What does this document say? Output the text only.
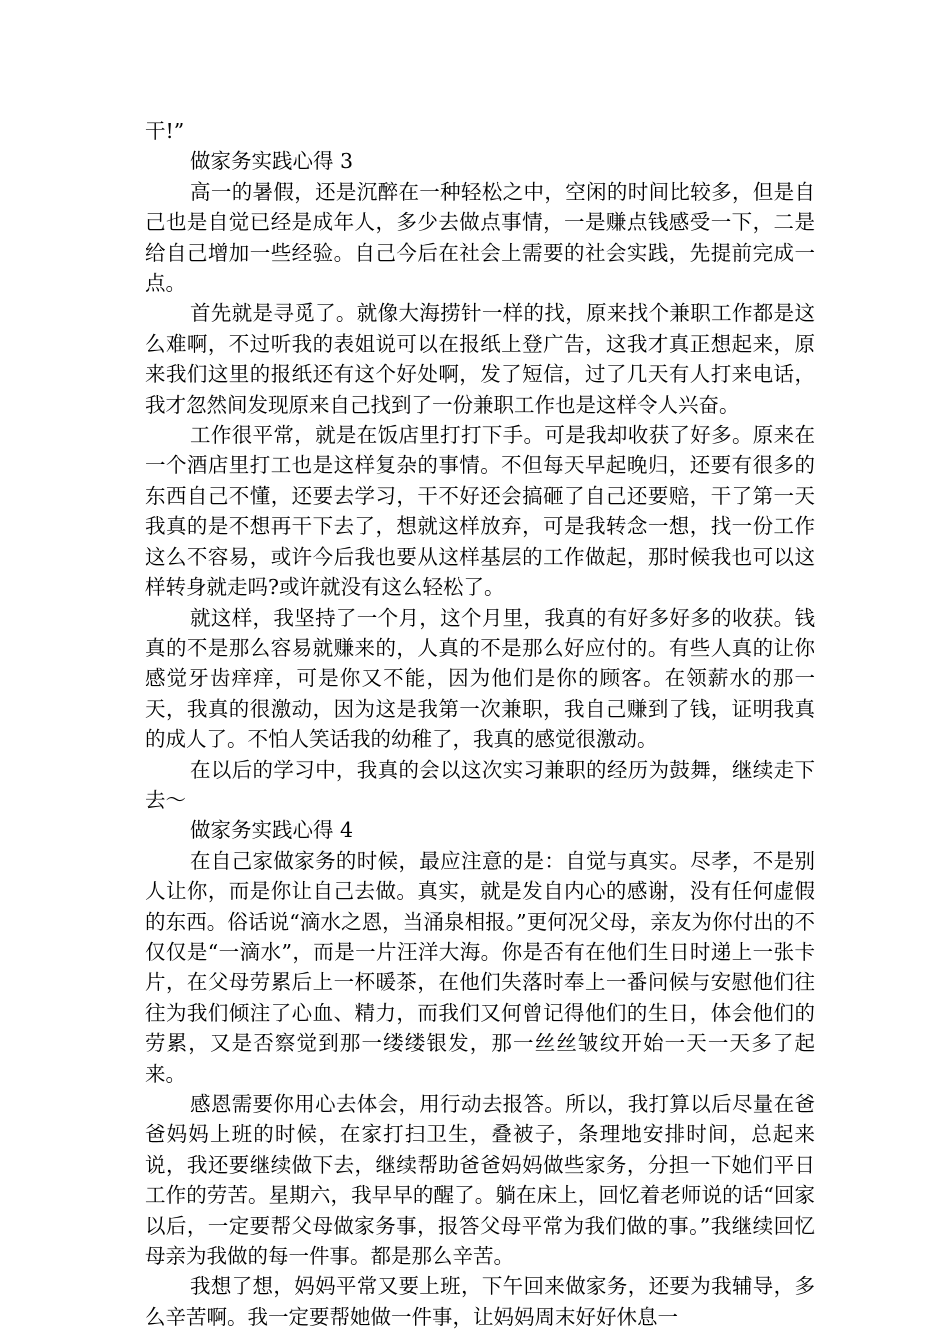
干!”

做家务实践心得 3

高一的暑假，还是沉醉在一种轻松之中，空闲的时间比较多，但是自己也是自觉已经是成年人，多少去做点事情，一是赚点钱感受一下，二是给自己增加一些经验。自己今后在社会上需要的社会实践，先提前完成一点。

首先就是寻觅了。就像大海捞针一样的找，原来找个兼职工作都是这么难啊，不过听我的表姐说可以在报纸上登广告，这我才真正想起来，原来我们这里的报纸还有这个好处啊，发了短信，过了几天有人打来电话，我才忽然间发现原来自己找到了一份兼职工作也是这样令人兴奋。

工作很平常，就是在饭店里打打下手。可是我却收获了好多。原来在一个酒店里打工也是这样复杂的事情。不但每天早起晚归，还要有很多的东西自己不懂，还要去学习，干不好还会搞砸了自己还要赔，干了第一天我真的是不想再干下去了，想就这样放弃，可是我转念一想，找一份工作这么不容易，或许今后我也要从这样基层的工作做起，那时候我也可以这样转身就走吗?或许就没有这么轻松了。

就这样，我坚持了一个月，这个月里，我真的有好多好多的收获。钱真的不是那么容易就赚来的，人真的不是那么好应付的。有些人真的让你感觉牙齿痒痒，可是你又不能，因为他们是你的顾客。在领薪水的那一天，我真的很激动，因为这是我第一次兼职，我自己赚到了钱，证明我真的成人了。不怕人笑话我的幼稚了，我真的感觉很激动。

在以后的学习中，我真的会以这次实习兼职的经历为鼓舞，继续走下去～

做家务实践心得 4

在自己家做家务的时候，最应注意的是：自觉与真实。尽孝，不是别人让你，而是你让自己去做。真实，就是发自内心的感谢，没有任何虚假的东西。俗话说“滴水之恩，当涌泉相报。”更何况父母，亲友为你付出的不仅仅是“一滴水”，而是一片汪洋大海。你是否有在他们生日时递上一张卡片，在父母劳累后上一杯暖茶，在他们失落时奉上一番问候与安慰他们往往为我们倾注了心血、精力，而我们又何曾记得他们的生日，体会他们的劳累，又是否察觉到那一缕缕银发，那一丝丝皱纹开始一天一天多了起来。

感恩需要你用心去体会，用行动去报答。所以，我打算以后尽量在爸爸妈妈上班的时候，在家打扫卫生，叠被子，条理地安排时间，总起来说，我还要继续做下去，继续帮助爸爸妈妈做些家务，分担一下她们平日工作的劳苦。星期六，我早早的醒了。躺在床上，回忆着老师说的话“回家以后，一定要帮父母做家务事，报答父母平常为我们做的事。”我继续回忆母亲为我做的每一件事。都是那么辛苦。

我想了想，妈妈平常又要上班，下午回来做家务，还要为我辅导，多么辛苦啊。我一定要帮她做一件事，让妈妈周末好好休息一
